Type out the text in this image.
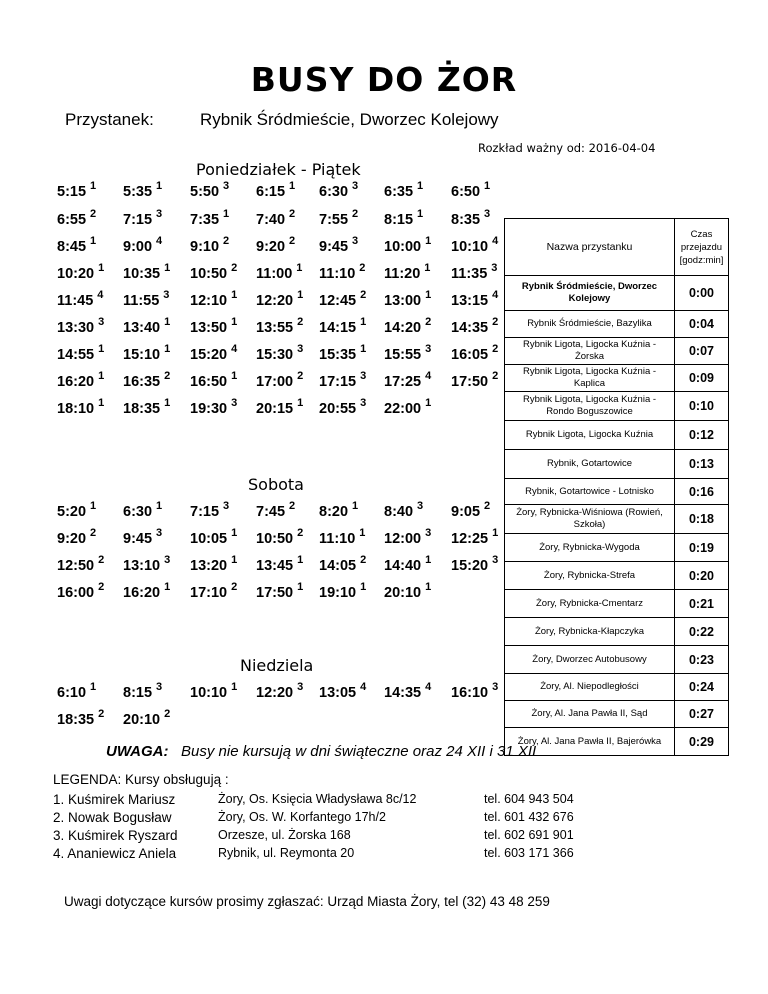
BUSY DO ŻOR
Przystanek:	Rybnik Śródmieście, Dworzec Kolejowy
Rozkład ważny od: 2016-04-04
Poniedziałek - Piątek
Sobota
Niedziela
5:15 $^1$ 5:35 $^1$ 5:50 $^3$ 6:15 $^1$ 6:30 $^3$ 6:35 $^1$ 6:50 $^1$
6:55 $^2$ 7:15 $^3$ 7:35 $^1$ 7:40 $^2$ 7:55 $^2$ 8:15 $^1$ 8:35 $^3$
8:45 $^1$ 9:00 $^4$ 9:10 $^2$ 9:20 $^2$ 9:45 $^3$ 10:00 $^1$ 10:10 $^4$
10:20 $^1$ 10:35 $^1$ 10:50 $^2$ 11:00 $^1$ 11:10 $^2$ 11:20 $^1$ 11:35 $^3$
11:45 $^4$ 11:55 $^3$ 12:10 $^1$ 12:20 $^1$ 12:45 $^2$ 13:00 $^1$ 13:15 $^4$
13:30 $^3$ 13:40 $^1$ 13:50 $^1$ 13:55 $^2$ 14:15 $^1$ 14:20 $^2$ 14:35 $^2$
14:55 $^1$ 15:10 $^1$ 15:20 $^4$ 15:30 $^3$ 15:35 $^1$ 15:55 $^3$ 16:05 $^2$
16:20 $^1$ 16:35 $^2$ 16:50 $^1$ 17:00 $^2$ 17:15 $^3$ 17:25 $^4$ 17:50 $^2$
18:10 $^1$ 18:35 $^1$ 19:30 $^3$ 20:15 $^1$ 20:55 $^3$ 22:00 $^1$
5:20 $^1$ 6:30 $^1$ 7:15 $^3$ 7:45 $^2$ 8:20 $^1$ 8:40 $^3$ 9:05 $^2$
9:20 $^2$ 9:45 $^3$ 10:05 $^1$ 10:50 $^2$ 11:10 $^1$ 12:00 $^3$ 12:25 $^1$
12:50 $^2$ 13:10 $^3$ 13:20 $^1$ 13:45 $^1$ 14:05 $^2$ 14:40 $^1$ 15:20 $^3$
16:00 $^2$ 16:20 $^1$ 17:10 $^2$ 17:50 $^1$ 19:10 $^1$ 20:10 $^1$
6:10 $^1$ 8:15 $^3$ 10:10 $^1$ 12:20 $^3$ 13:05 $^4$ 14:35 $^4$ 16:10 $^3$
18:35 $^2$ 20:10 $^2$
Nazwa przystanku	Czas przejazdu [godz:min]
Rybnik Śródmieście, Dworzec Kolejowy	0:00
Rybnik Śródmieście, Bazylika	0:04
Rybnik Ligota, Ligocka Kuźnia - Żorska	0:07
Rybnik Ligota, Ligocka Kuźnia - Kaplica	0:09
Rybnik Ligota, Ligocka Kuźnia - Rondo Boguszowice	0:10
Rybnik Ligota, Ligocka Kuźnia	0:12
Rybnik, Gotartowice	0:13
Rybnik, Gotartowice - Lotnisko	0:16
Żory, Rybnicka-Wiśniowa (Rowień, Szkoła)	0:18
Żory, Rybnicka-Wygoda	0:19
Żory, Rybnicka-Strefa	0:20
Żory, Rybnicka-Cmentarz	0:21
Żory, Rybnicka-Kłapczyka	0:22
Żory, Dworzec Autobusowy	0:23
Żory, Al. Niepodległości	0:24
Żory, Al. Jana Pawła II, Sąd	0:27
Żory, Al. Jana Pawła II, Bajerówka	0:29
UWAGA: Busy nie kursują w dni świąteczne oraz 24 XII i 31 XII
LEGENDA: Kursy obsługują :
1. Kuśmirek Mariusz	Żory, Os. Księcia Władysława 8c/12	tel. 604 943 504
2. Nowak Bogusław	Żory, Os. W. Korfantego 17h/2	tel. 601 432 676
3. Kuśmirek Ryszard	Orzesze, ul. Żorska 168	tel. 602 691 901
4. Ananiewicz Aniela	Rybnik, ul. Reymonta 20	tel. 603 171 366
Uwagi dotyczące kursów prosimy zgłaszać: Urząd Miasta Żory, tel (32) 43 48 259
